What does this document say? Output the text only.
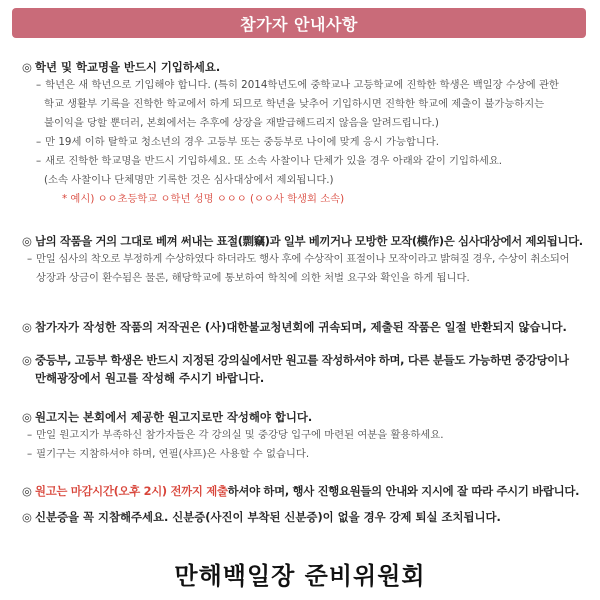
참가자 안내사항

◎ 학년 및 학교명을 반드시 기입하세요.

– 학년은 새 학년으로 기입해야 합니다. (특히 2014학년도에 중학교나 고등학교에 진학한 학생은 백일장 수상에 관한

학교 생활부 기록을 진학한 학교에서 하게 되므로 학년을 낮추어 기입하시면 진학한 학교에 제출이 불가능하지는

불이익을 당할 뿐더러, 본회에서는 추후에 상장을 재발급해드리지 않음을 알려드립니다.)

– 만 19세 이하 탈학교 청소년의 경우 고등부 또는 중등부로 나이에 맞게 응시 가능합니다.

– 새로 진학한 학교명을 반드시 기입하세요. 또 소속 사찰이나 단체가 있을 경우 아래와 같이 기입하세요.

(소속 사찰이나 단체명만 기록한 것은 심사대상에서 제외됩니다.)

* 예시) ㅇㅇ초등학교 ㅇ학년 성명 ㅇㅇㅇ (ㅇㅇ사 학생회 소속)

◎ 남의 작품을 거의 그대로 베껴 써내는 표절(剽竊)과 일부 베끼거나 모방한 모작(模作)은 심사대상에서 제외됩니다.

– 만일 심사의 착오로 부정하게 수상하였다 하더라도 행사 후에 수상작이 표절이나 모작이라고 밝혀질 경우, 수상이 취소되어

상장과 상금이 환수됨은 물론, 해당학교에 통보하여 학칙에 의한 처벌 요구와 확인을 하게 됩니다.

◎ 참가자가 작성한 작품의 저작권은 (사)대한불교청년회에 귀속되며, 제출된 작품은 일절 반환되지 않습니다.

◎ 중등부, 고등부 학생은 반드시 지정된 강의실에서만 원고를 작성하셔야 하며, 다른 분들도 가능하면 중강당이나

만해광장에서 원고를 작성해 주시기 바랍니다.

◎ 원고지는 본회에서 제공한 원고지로만 작성해야 합니다.

– 만일 원고지가 부족하신 참가자들은 각 강의실 및 중강당 입구에 마련된 여분을 활용하세요.

– 필기구는 지참하셔야 하며, 연필(샤프)은 사용할 수 없습니다.

◎ 원고는 마감시간(오후 2시) 전까지 제출하셔야 하며, 행사 진행요원들의 안내와 지시에 잘 따라 주시기 바랍니다.

◎ 신분증을 꼭 지참해주세요. 신분증(사진이 부착된 신분증)이 없을 경우 강제 퇴실 조치됩니다.

만해백일장 준비위원회
